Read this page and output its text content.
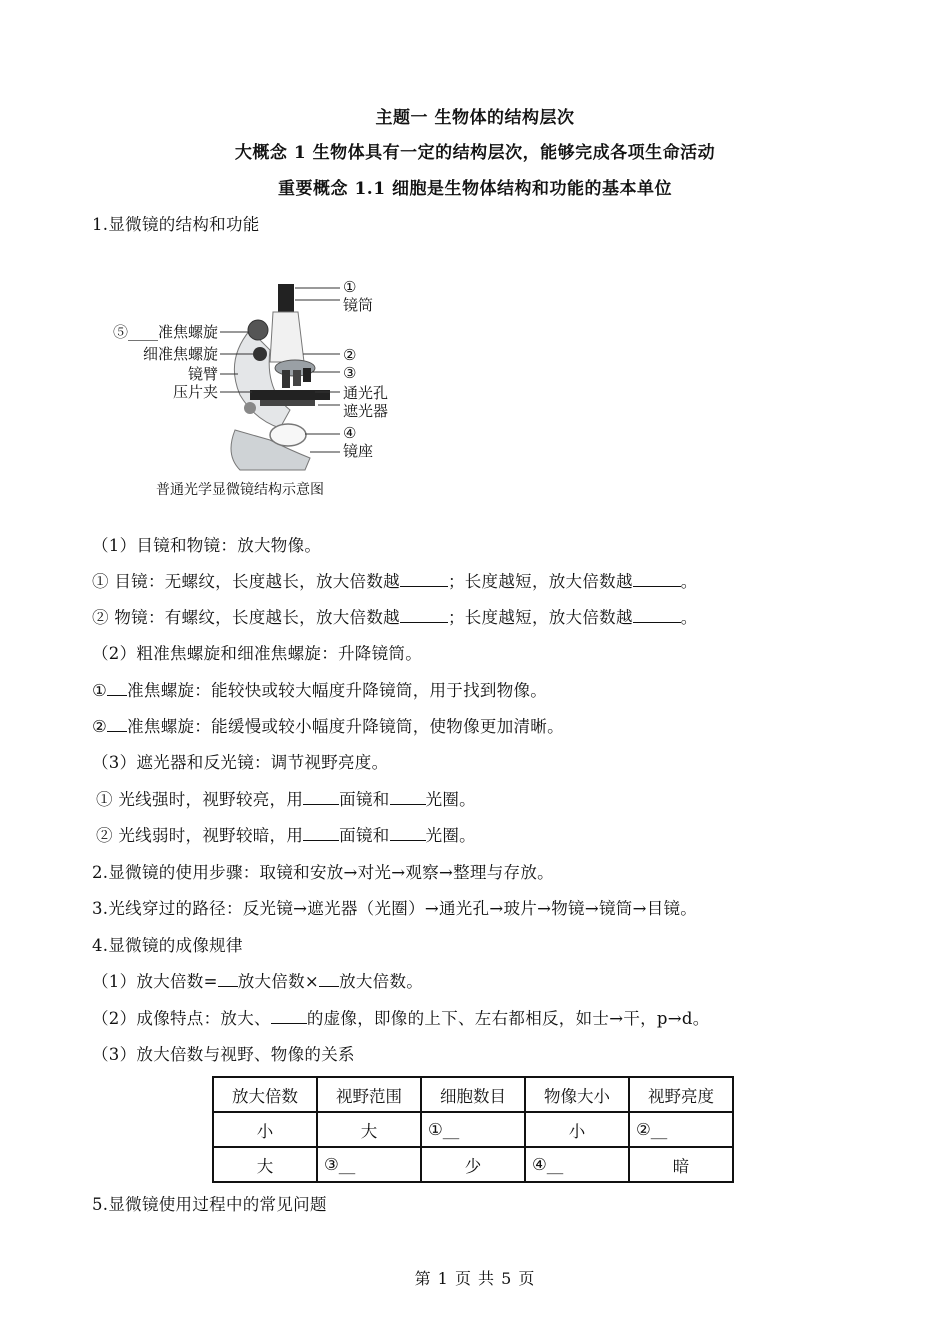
主题一 生物体的结构层次
大概念 1 生物体具有一定的结构层次，能够完成各项生命活动
重要概念 1.1 细胞是生物体结构和功能的基本单位
1.显微镜的结构和功能
①
镜筒
②
③
通光孔
遮光器
④
镜座
⑤____准焦螺旋
细准焦螺旋
镜臂
压片夹
普通光学显微镜结构示意图
（1）目镜和物镜：放大物像。
① 目镜：无螺纹，长度越长，放大倍数越	；长度越短，放大倍数越	。
② 物镜：有螺纹，长度越长，放大倍数越	；长度越短，放大倍数越	。
（2）粗准焦螺旋和细准焦螺旋：升降镜筒。
① 准焦螺旋：能较快或较大幅度升降镜筒，用于找到物像。
② 准焦螺旋：能缓慢或较小幅度升降镜筒，使物像更加清晰。
（3）遮光器和反光镜：调节视野亮度。
① 光线强时，视野较亮，用 面镜和 光圈。
② 光线弱时，视野较暗，用 面镜和 光圈。
2.显微镜的使用步骤：取镜和安放→对光→观察→整理与存放。
3.光线穿过的路径：反光镜→遮光器（光圈）→通光孔→玻片→物镜→镜筒→目镜。
4.显微镜的成像规律
（1）放大倍数= 放大倍数× 放大倍数。
（2）成像特点：放大、 的虚像，即像的上下、左右都相反，如士→干，p→d。
（3）放大倍数与视野、物像的关系
放大倍数	视野范围	细胞数目	物像大小	视野亮度
小	大	①__	小	②__
大	③__	少	④__	暗
5.显微镜使用过程中的常见问题
第 1 页 共 5 页
